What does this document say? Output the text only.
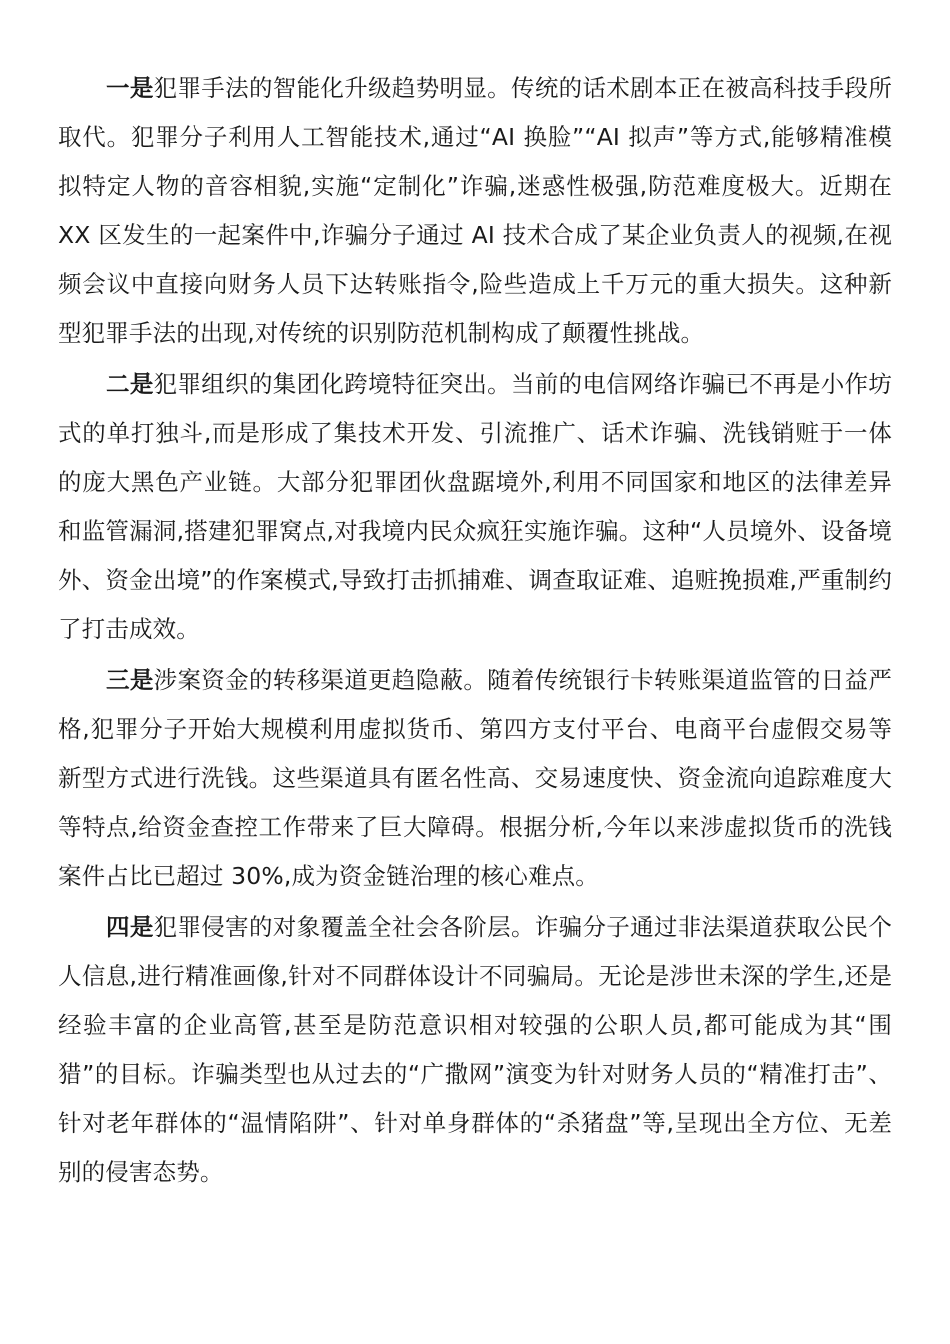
一是犯罪手法的智能化升级趋势明显。传统的话术剧本正在被高科技手段所取代。犯罪分子利用人工智能技术,通过“AI 换脸”“AI 拟声”等方式,能够精准模拟特定人物的音容相貌,实施“定制化”诈骗,迷惑性极强,防范难度极大。近期在 XX 区发生的一起案件中,诈骗分子通过 AI 技术合成了某企业负责人的视频,在视频会议中直接向财务人员下达转账指令,险些造成上千万元的重大损失。这种新型犯罪手法的出现,对传统的识别防范机制构成了颠覆性挑战。

二是犯罪组织的集团化跨境特征突出。当前的电信网络诈骗已不再是小作坊式的单打独斗,而是形成了集技术开发、引流推广、话术诈骗、洗钱销赃于一体的庞大黑色产业链。大部分犯罪团伙盘踞境外,利用不同国家和地区的法律差异和监管漏洞,搭建犯罪窝点,对我境内民众疯狂实施诈骗。这种“人员境外、设备境外、资金出境”的作案模式,导致打击抓捕难、调查取证难、追赃挽损难,严重制约了打击成效。

三是涉案资金的转移渠道更趋隐蔽。随着传统银行卡转账渠道监管的日益严格,犯罪分子开始大规模利用虚拟货币、第四方支付平台、电商平台虚假交易等新型方式进行洗钱。这些渠道具有匿名性高、交易速度快、资金流向追踪难度大等特点,给资金查控工作带来了巨大障碍。根据分析,今年以来涉虚拟货币的洗钱案件占比已超过 30%,成为资金链治理的核心难点。

四是犯罪侵害的对象覆盖全社会各阶层。诈骗分子通过非法渠道获取公民个人信息,进行精准画像,针对不同群体设计不同骗局。无论是涉世未深的学生,还是经验丰富的企业高管,甚至是防范意识相对较强的公职人员,都可能成为其“围猎”的目标。诈骗类型也从过去的“广撒网”演变为针对财务人员的“精准打击”、针对老年群体的“温情陷阱”、针对单身群体的“杀猪盘”等,呈现出全方位、无差别的侵害态势。
